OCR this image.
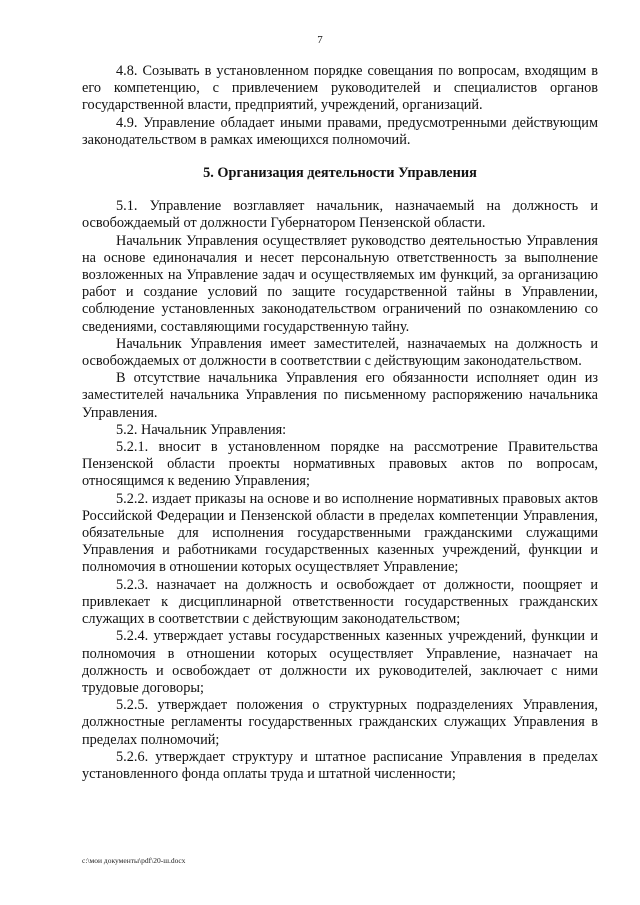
7

4.8. Созывать в установленном порядке совещания по вопросам, входящим в его компетенцию, с привлечением руководителей и специалистов органов государственной власти, предприятий, учреждений, организаций.

4.9. Управление обладает иными правами, предусмотренными действующим законодательством в рамках имеющихся полномочий.

5. Организация деятельности Управления

5.1. Управление возглавляет начальник, назначаемый на должность и освобождаемый от должности Губернатором Пензенской области.

Начальник Управления осуществляет руководство деятельностью Управления на основе единоначалия и несет персональную ответственность за выполнение возложенных на Управление задач и осуществляемых им функций, за организацию работ и создание условий по защите государственной тайны в Управлении, соблюдение установленных законодательством ограничений по ознакомлению со сведениями, составляющими государственную тайну.

Начальник Управления имеет заместителей, назначаемых на должность и освобождаемых от должности в соответствии с действующим законодательством.

В отсутствие начальника Управления его обязанности исполняет один из заместителей начальника Управления по письменному распоряжению начальника Управления.

5.2. Начальник Управления:

5.2.1. вносит в установленном порядке на рассмотрение Правительства Пензенской области проекты нормативных правовых актов по вопросам, относящимся к ведению Управления;

5.2.2. издает приказы на основе и во исполнение нормативных правовых актов Российской Федерации и Пензенской области в пределах компетенции Управления, обязательные для исполнения государственными гражданскими служащими Управления и работниками государственных казенных учреждений, функции и полномочия в отношении которых осуществляет Управление;

5.2.3. назначает на должность и освобождает от должности, поощряет и привлекает к дисциплинарной ответственности государственных гражданских служащих в соответствии с действующим законодательством;

5.2.4. утверждает уставы государственных казенных учреждений, функции и полномочия в отношении которых осуществляет Управление, назначает на должность и освобождает от должности их руководителей, заключает с ними трудовые договоры;

5.2.5. утверждает положения о структурных подразделениях Управления, должностные регламенты государственных гражданских служащих Управления в пределах полномочий;

5.2.6. утверждает структуру и штатное расписание Управления в пределах установленного фонда оплаты труда и штатной численности;

c:\мои документы\pdf\20-ш.docx
